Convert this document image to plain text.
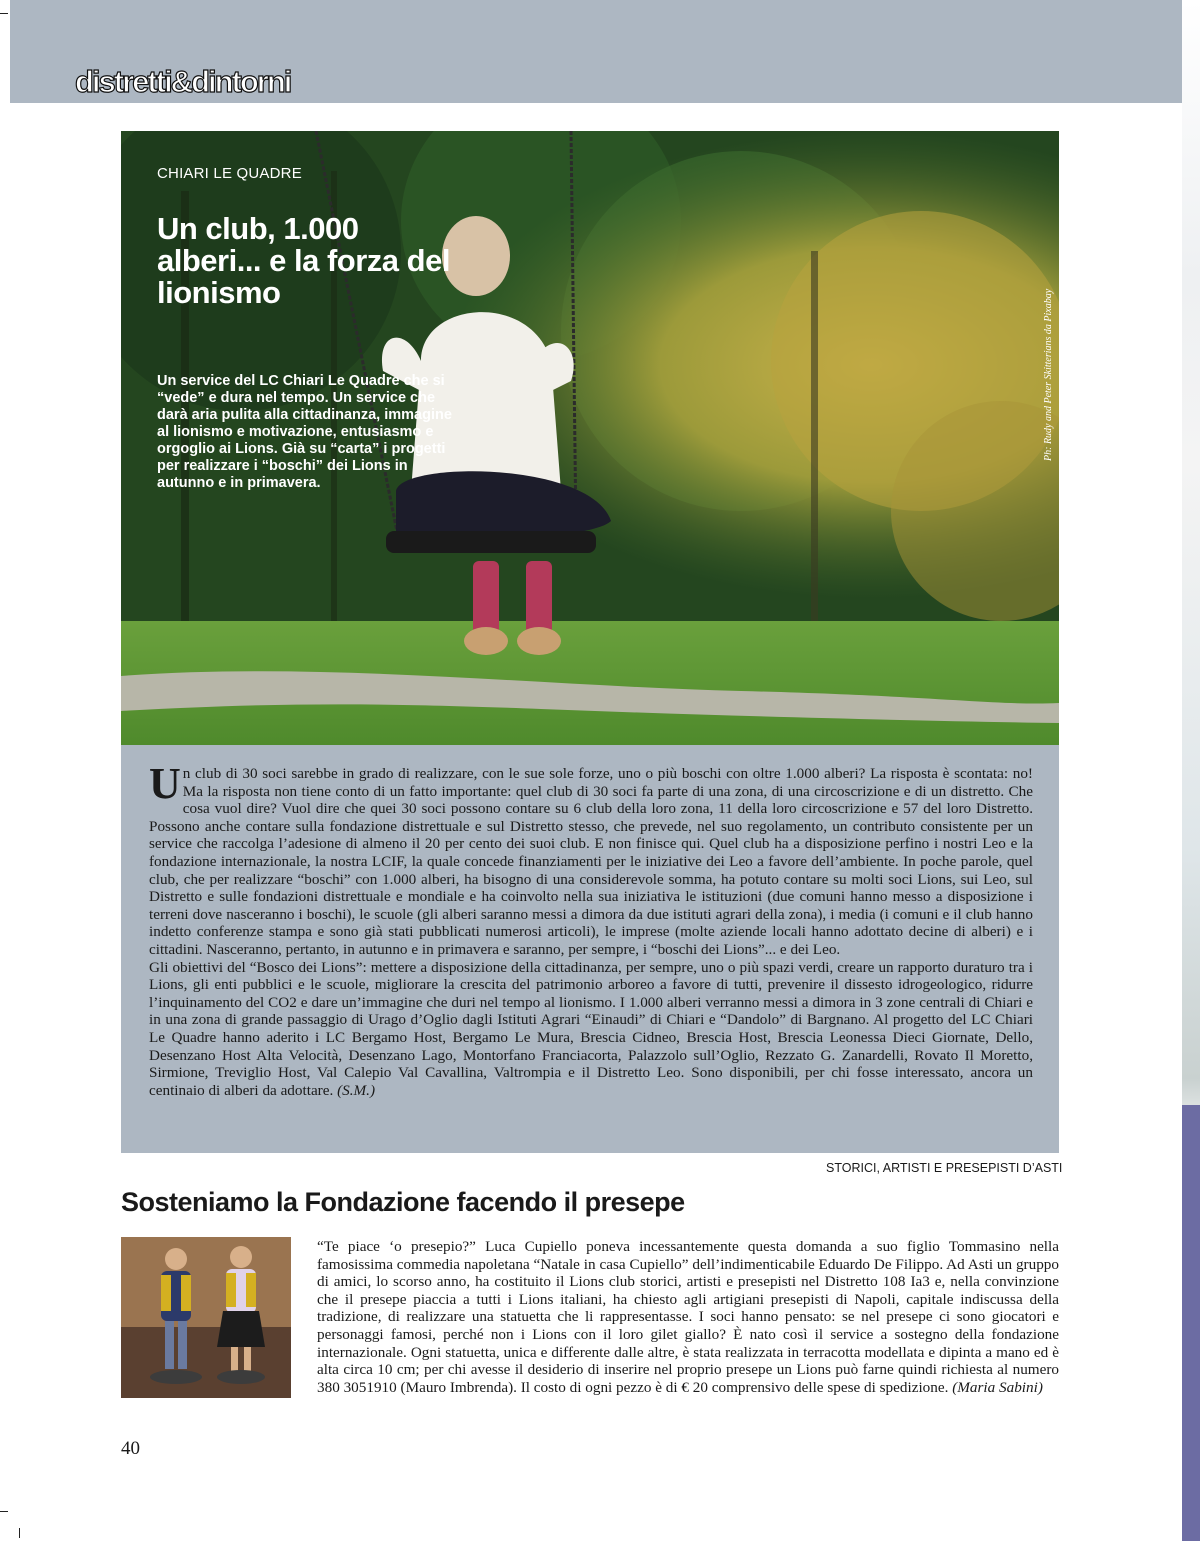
distretti&dintorni
CHIARI LE QUADRE
Un club, 1.000 alberi... e la forza del lionismo
Un service del LC Chiari Le Quadre che si “vede” e dura nel tempo. Un service che darà aria pulita alla cittadinanza, immagine al lionismo e motivazione, entusiasmo e orgoglio ai Lions. Già su “carta” i progetti per realizzare i “boschi” dei Lions in autunno e in primavera.
Ph: Rudy and Peter Skitterians da Pixabay

Un club di 30 soci sarebbe in grado di realizzare, con le sue sole forze, uno o più boschi con oltre 1.000 alberi? La risposta è scontata: no! Ma la risposta non tiene conto di un fatto importante: quel club di 30 soci fa parte di una zona, di una circoscrizione e di un distretto. Che cosa vuol dire? Vuol dire che quei 30 soci possono contare su 6 club della loro zona, 11 della loro circoscrizione e 57 del loro Distretto. Possono anche contare sulla fondazione distrettuale e sul Distretto stesso, che prevede, nel suo regolamento, un contributo consistente per un service che raccolga l’adesione di almeno il 20 per cento dei suoi club. E non finisce qui. Quel club ha a disposizione perfino i nostri Leo e la fondazione internazionale, la nostra LCIF, la quale concede finanziamenti per le iniziative dei Leo a favore dell’ambiente. In poche parole, quel club, che per realizzare “boschi” con 1.000 alberi, ha bisogno di una considerevole somma, ha potuto contare su molti soci Lions, sui Leo, sul Distretto e sulle fondazioni distrettuale e mondiale e ha coinvolto nella sua iniziativa le istituzioni (due comuni hanno messo a disposizione i terreni dove nasceranno i boschi), le scuole (gli alberi saranno messi a dimora da due istituti agrari della zona), i media (i comuni e il club hanno indetto conferenze stampa e sono già stati pubblicati numerosi articoli), le imprese (molte aziende locali hanno adottato decine di alberi) e i cittadini. Nasceranno, pertanto, in autunno e in primavera e saranno, per sempre, i “boschi dei Lions”... e dei Leo.

Gli obiettivi del “Bosco dei Lions”: mettere a disposizione della cittadinanza, per sempre, uno o più spazi verdi, creare un rapporto duraturo tra i Lions, gli enti pubblici e le scuole, migliorare la crescita del patrimonio arboreo a favore di tutti, prevenire il dissesto idrogeologico, ridurre l’inquinamento del CO2 e dare un’immagine che duri nel tempo al lionismo. I 1.000 alberi verranno messi a dimora in 3 zone centrali di Chiari e in una zona di grande passaggio di Urago d’Oglio dagli Istituti Agrari “Einaudi” di Chiari e “Dandolo” di Bargnano. Al progetto del LC Chiari Le Quadre hanno aderito i LC Bergamo Host, Bergamo Le Mura, Brescia Cidneo, Brescia Host, Brescia Leonessa Dieci Giornate, Dello, Desenzano Host Alta Velocità, Desenzano Lago, Montorfano Franciacorta, Palazzolo sull’Oglio, Rezzato G. Zanardelli, Rovato Il Moretto, Sirmione, Treviglio Host, Val Calepio Val Cavallina, Valtrompia e il Distretto Leo. Sono disponibili, per chi fosse interessato, ancora un centinaio di alberi da adottare. (S.M.)

STORICI, ARTISTI E PRESEPISTI D’ASTI
Sosteniamo la Fondazione facendo il presepe
“Te piace ‘o presepio?” Luca Cupiello poneva incessantemente questa domanda a suo figlio Tommasino nella famosissima commedia napoletana “Natale in casa Cupiello” dell’indimenticabile Eduardo De Filippo. Ad Asti un gruppo di amici, lo scorso anno, ha costituito il Lions club storici, artisti e presepisti nel Distretto 108 Ia3 e, nella convinzione che il presepe piaccia a tutti i Lions italiani, ha chiesto agli artigiani presepisti di Napoli, capitale indiscussa della tradizione, di realizzare una statuetta che li rappresentasse. I soci hanno pensato: se nel presepe ci sono giocatori e personaggi famosi, perché non i Lions con il loro gilet giallo? È nato così il service a sostegno della fondazione internazionale. Ogni statuetta, unica e differente dalle altre, è stata realizzata in terracotta modellata e dipinta a mano ed è alta circa 10 cm; per chi avesse il desiderio di inserire nel proprio presepe un Lions può farne quindi richiesta al numero 380 3051910 (Mauro Imbrenda). Il costo di ogni pezzo è di € 20 comprensivo delle spese di spedizione. (Maria Sabini)
40
